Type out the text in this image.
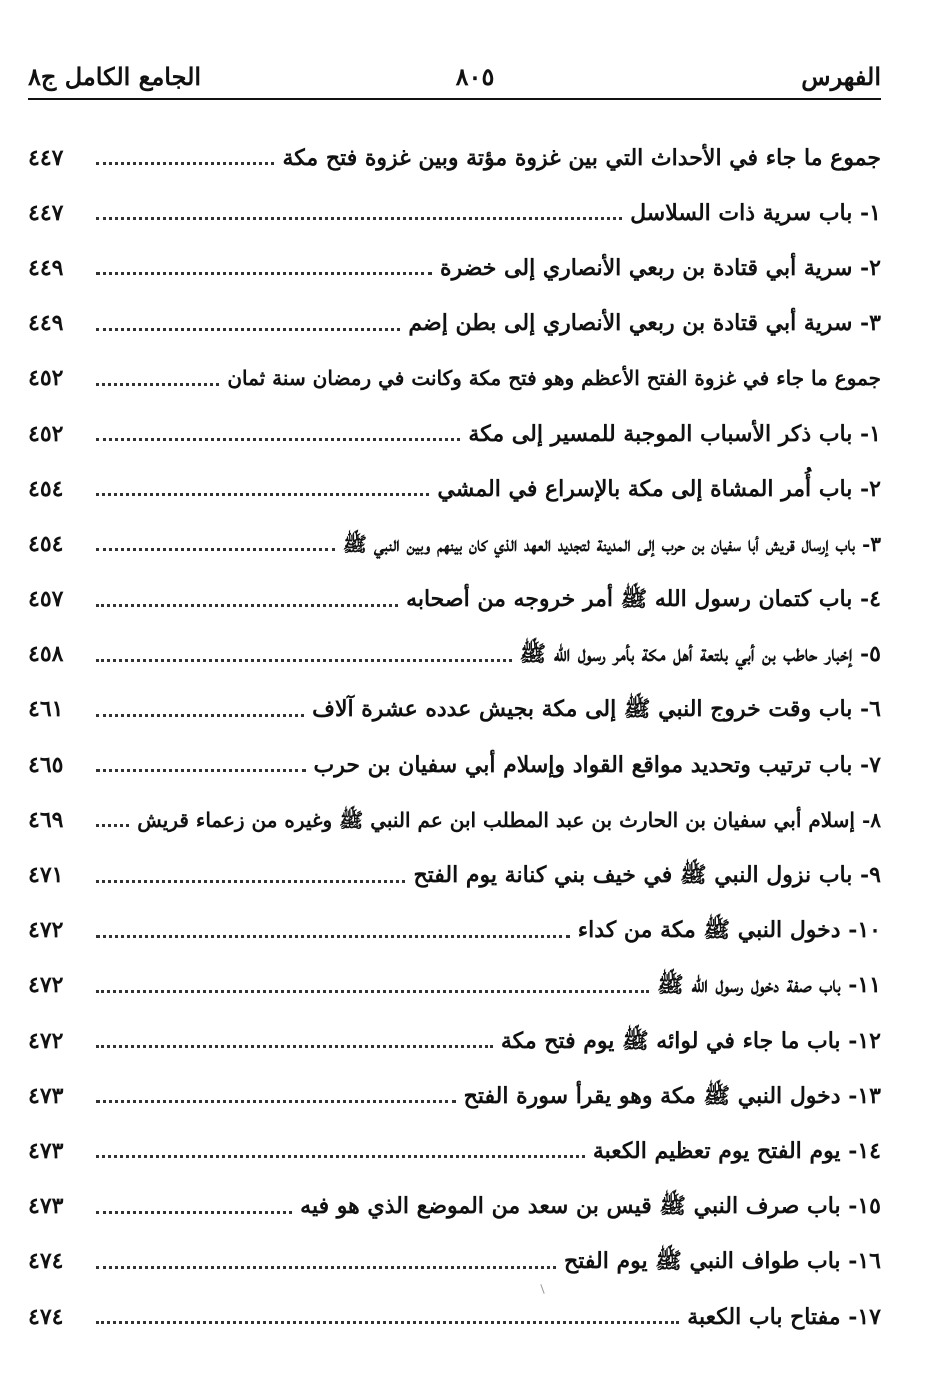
الفهرس
٨٠٥
الجامع الكامل ج٨
جموع ما جاء في الأحداث التي بين غزوة مؤتة وبين غزوة فتح مكة
٤٤٧
١- باب سرية ذات السلاسل
٤٤٧
٢- سرية أبي قتادة بن ربعي الأنصاري إلى خضرة
٤٤٩
٣- سرية أبي قتادة بن ربعي الأنصاري إلى بطن إضم
٤٤٩
جموع ما جاء في غزوة الفتح الأعظم وهو فتح مكة وكانت في رمضان سنة ثمان
٤٥٢
١- باب ذكر الأسباب الموجبة للمسير إلى مكة
٤٥٢
٢- باب أُمر المشاة إلى مكة بالإسراع في المشي
٤٥٤
٣- باب إرسال قريش أبا سفيان بن حرب إلى المدينة لتجديد العهد الذي كان بينهم وبين النبي ﷺ
٤٥٤
٤- باب كتمان رسول الله ﷺ أمر خروجه من أصحابه
٤٥٧
٥- إخبار حاطب بن أبي بلتعة أهل مكة بأمر رسول الله ﷺ
٤٥٨
٦- باب وقت خروج النبي ﷺ إلى مكة بجيش عدده عشرة آلاف
٤٦١
٧- باب ترتيب وتحديد مواقع القواد وإسلام أبي سفيان بن حرب
٤٦٥
٨- إسلام أبي سفيان بن الحارث بن عبد المطلب ابن عم النبي ﷺ وغيره من زعماء قريش
٤٦٩
٩- باب نزول النبي ﷺ في خيف بني كنانة يوم الفتح
٤٧١
١٠- دخول النبي ﷺ مكة من كداء
٤٧٢
١١- باب صفة دخول رسول الله ﷺ
٤٧٢
١٢- باب ما جاء في لوائه ﷺ يوم فتح مكة
٤٧٢
١٣- دخول النبي ﷺ مكة وهو يقرأ سورة الفتح
٤٧٣
١٤- يوم الفتح يوم تعظيم الكعبة
٤٧٣
١٥- باب صرف النبي ﷺ قيس بن سعد من الموضع الذي هو فيه
٤٧٣
١٦- باب طواف النبي ﷺ يوم الفتح
٤٧٤
١٧- مفتاح باب الكعبة
٤٧٤
